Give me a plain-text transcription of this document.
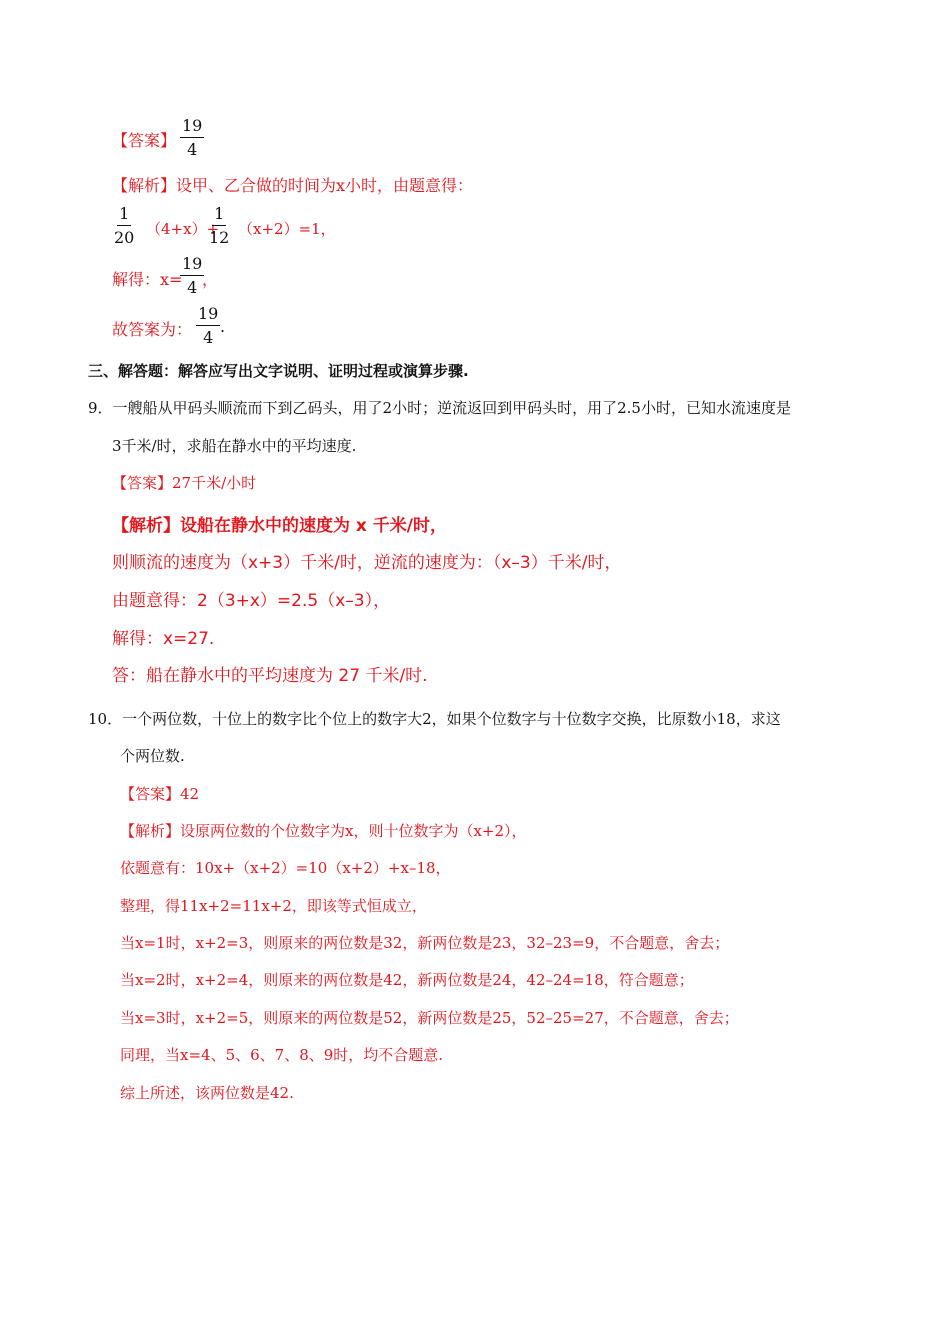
【答案】 $\frac{19}{4}$
【解析】设甲、乙合做的时间为x小时，由题意得：
$\frac{1}{20} (4+x)+$
$\frac{1}{12} (x+2)=1$，
解得：x=
$\frac{19}{4}$
，
故答案为： $\frac{19}{4}$ .
三、解答题：解答应写出文字说明、证明过程或演算步骤.
9．一艘船从甲码头顺流而下到乙码头，用了2小时；逆流返回到甲码头时，用了2.5小时，已知水流速度是
3千米/时，求船在静水中的平均速度.
【答案】27千米/小时
【解析】设船在静水中的速度为 x 千米/时，
则顺流的速度为（x+3）千米/时，逆流的速度为：（x–3）千米/时，
由题意得：2（3+x）=2.5（x–3），
解得：x=27.
答：船在静水中的平均速度为 27 千米/时.
10．一个两位数，十位上的数字比个位上的数字大2，如果个位数字与十位数字交换，比原数小18，求这
个两位数.
【答案】42
【解析】设原两位数的个位数字为x，则十位数字为（x+2），
依题意有：10x+（x+2）=10（x+2）+x–18，
整理，得11x+2=11x+2，即该等式恒成立，
当x=1时，x+2=3，则原来的两位数是32，新两位数是23，32–23=9，不合题意，舍去；
当x=2时，x+2=4，则原来的两位数是42，新两位数是24，42–24=18，符合题意；
当x=3时，x+2=5，则原来的两位数是52，新两位数是25，52–25=27，不合题意，舍去；
同理，当x=4、5、6、7、8、9时，均不合题意.
综上所述，该两位数是42.
